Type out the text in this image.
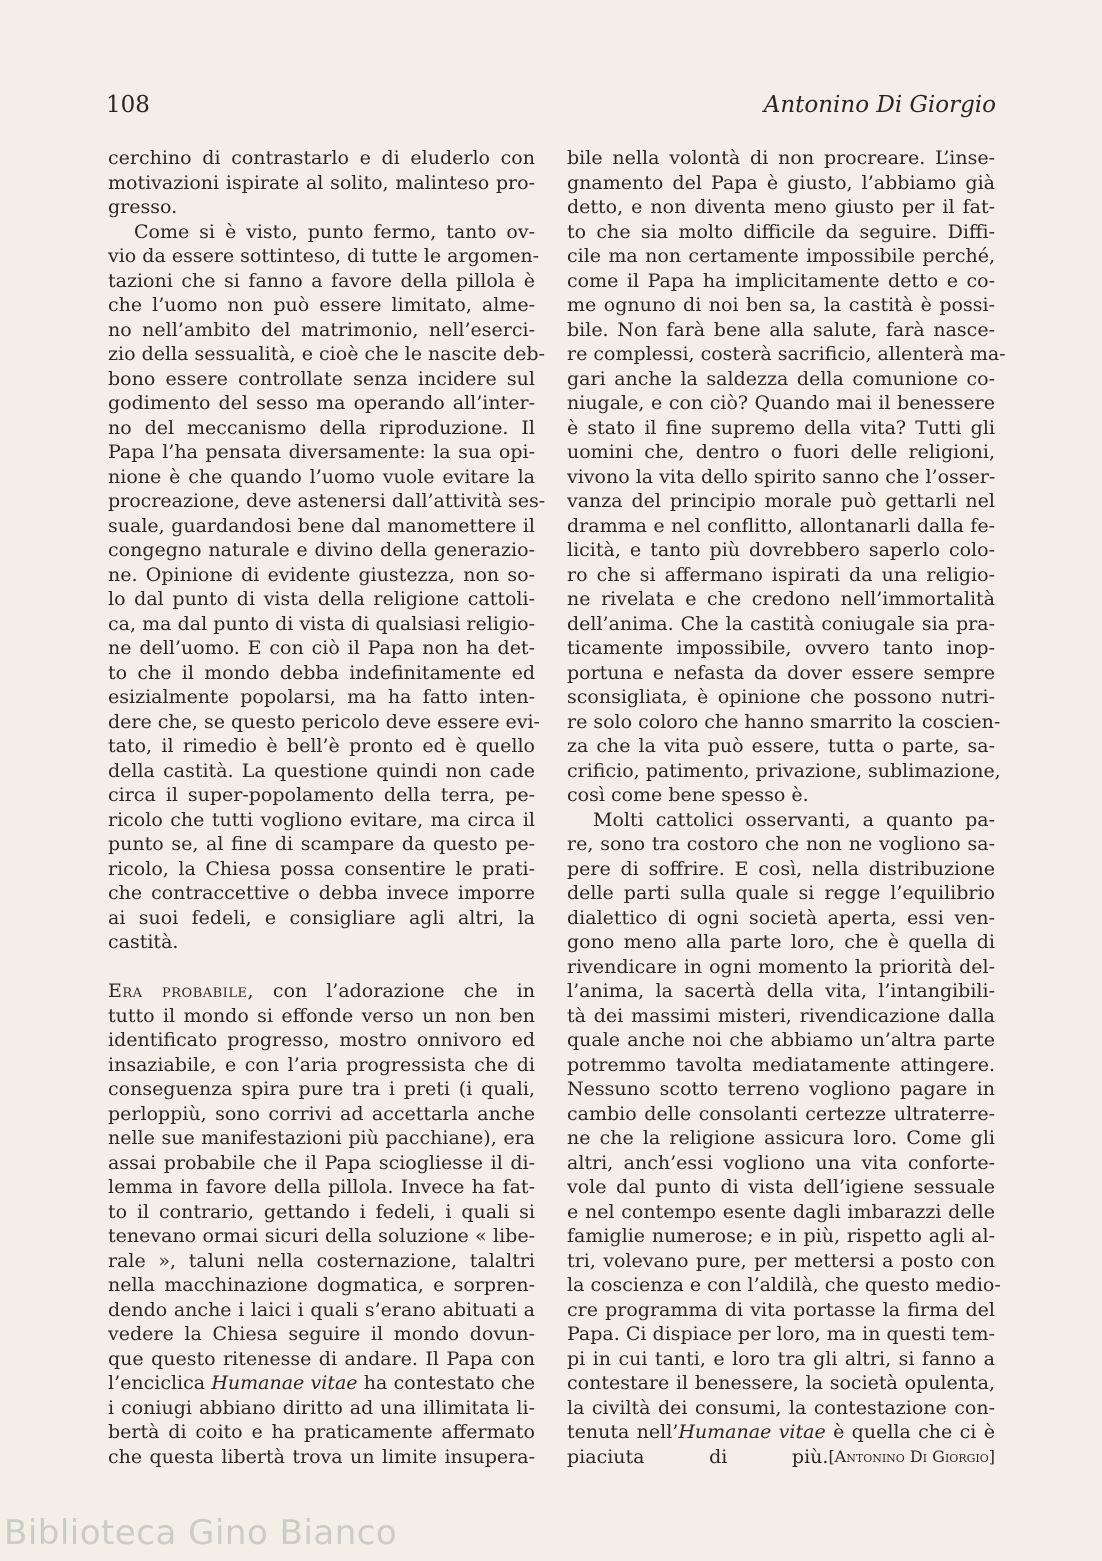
108	Antonino Di Giorgio
cerchino di contrastarlo e di eluderlo con
motivazioni ispirate al solito, malinteso pro-
gresso.
Come si è visto, punto fermo, tanto ov-
vio da essere sottinteso, di tutte le argomen-
tazioni che si fanno a favore della pillola è
che l’uomo non può essere limitato, alme-
no nell’ambito del matrimonio, nell’eserci-
zio della sessualità, e cioè che le nascite deb-
bono essere controllate senza incidere sul
godimento del sesso ma operando all’inter-
no del meccanismo della riproduzione. Il
Papa l’ha pensata diversamente: la sua opi-
nione è che quando l’uomo vuole evitare la
procreazione, deve astenersi dall’attività ses-
suale, guardandosi bene dal manomettere il
congegno naturale e divino della generazio-
ne. Opinione di evidente giustezza, non so-
lo dal punto di vista della religione cattoli-
ca, ma dal punto di vista di qualsiasi religio-
ne dell’uomo. E con ciò il Papa non ha det-
to che il mondo debba indefinitamente ed
esizialmente popolarsi, ma ha fatto inten-
dere che, se questo pericolo deve essere evi-
tato, il rimedio è bell’è pronto ed è quello
della castità. La questione quindi non cade
circa il super-popolamento della terra, pe-
ricolo che tutti vogliono evitare, ma circa il
punto se, al fine di scampare da questo pe-
ricolo, la Chiesa possa consentire le prati-
che contraccettive o debba invece imporre
ai suoi fedeli, e consigliare agli altri, la
castità.
Era probabile, con l’adorazione che in
tutto il mondo si effonde verso un non ben
identificato progresso, mostro onnivoro ed
insaziabile, e con l’aria progressista che di
conseguenza spira pure tra i preti (i quali,
perloppiù, sono corrivi ad accettarla anche
nelle sue manifestazioni più pacchiane), era
assai probabile che il Papa sciogliesse il di-
lemma in favore della pillola. Invece ha fat-
to il contrario, gettando i fedeli, i quali si
tenevano ormai sicuri della soluzione « libe-
rale », taluni nella costernazione, talaltri
nella macchinazione dogmatica, e sorpren-
dendo anche i laici i quali s’erano abituati a
vedere la Chiesa seguire il mondo dovun-
que questo ritenesse di andare. Il Papa con
l’enciclica Humanae vitae ha contestato che
i coniugi abbiano diritto ad una illimitata li-
bertà di coito e ha praticamente affermato
che questa libertà trova un limite insupera-
bile nella volontà di non procreare. L’inse-
gnamento del Papa è giusto, l’abbiamo già
detto, e non diventa meno giusto per il fat-
to che sia molto difficile da seguire. Diffi-
cile ma non certamente impossibile perché,
come il Papa ha implicitamente detto e co-
me ognuno di noi ben sa, la castità è possi-
bile. Non farà bene alla salute, farà nasce-
re complessi, costerà sacrificio, allenterà ma-
gari anche la saldezza della comunione co-
niugale, e con ciò? Quando mai il benessere
è stato il fine supremo della vita? Tutti gli
uomini che, dentro o fuori delle religioni,
vivono la vita dello spirito sanno che l’osser-
vanza del principio morale può gettarli nel
dramma e nel conflitto, allontanarli dalla fe-
licità, e tanto più dovrebbero saperlo colo-
ro che si affermano ispirati da una religio-
ne rivelata e che credono nell’immortalità
dell’anima. Che la castità coniugale sia pra-
ticamente impossibile, ovvero tanto inop-
portuna e nefasta da dover essere sempre
sconsigliata, è opinione che possono nutri-
re solo coloro che hanno smarrito la coscien-
za che la vita può essere, tutta o parte, sa-
crificio, patimento, privazione, sublimazione,
così come bene spesso è.
Molti cattolici osservanti, a quanto pa-
re, sono tra costoro che non ne vogliono sa-
pere di soffrire. E così, nella distribuzione
delle parti sulla quale si regge l’equilibrio
dialettico di ogni società aperta, essi ven-
gono meno alla parte loro, che è quella di
rivendicare in ogni momento la priorità del-
l’anima, la sacertà della vita, l’intangibili-
tà dei massimi misteri, rivendicazione dalla
quale anche noi che abbiamo un’altra parte
potremmo tavolta mediatamente attingere.
Nessuno scotto terreno vogliono pagare in
cambio delle consolanti certezze ultraterre-
ne che la religione assicura loro. Come gli
altri, anch’essi vogliono una vita conforte-
vole dal punto di vista dell’igiene sessuale
e nel contempo esente dagli imbarazzi delle
famiglie numerose; e in più, rispetto agli al-
tri, volevano pure, per mettersi a posto con
la coscienza e con l’aldilà, che questo medio-
cre programma di vita portasse la firma del
Papa. Ci dispiace per loro, ma in questi tem-
pi in cui tanti, e loro tra gli altri, si fanno a
contestare il benessere, la società opulenta,
la civiltà dei consumi, la contestazione con-
tenuta nell’Humanae vitae è quella che ci è
piaciuta di più. [Antonino Di Giorgio]
Biblioteca Gino Bianco
